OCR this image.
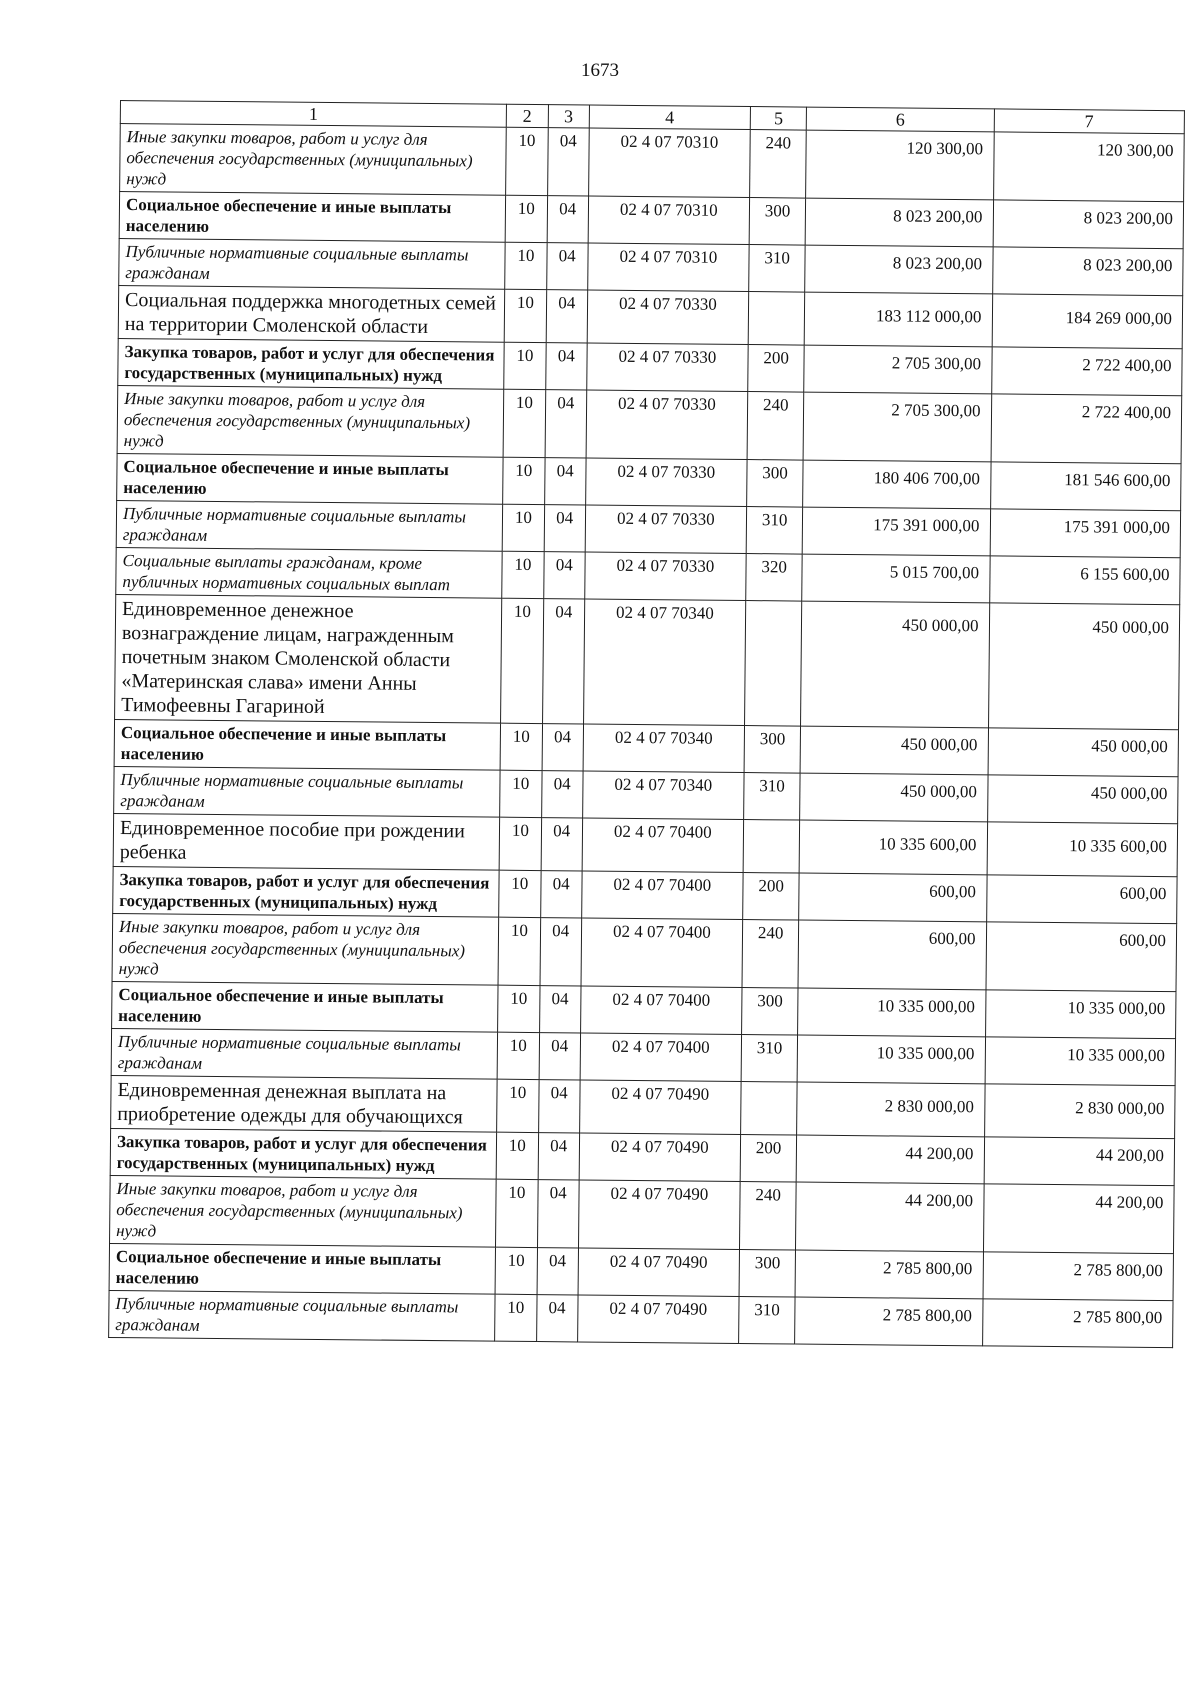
1673
1	2	3	4	5	6	7
Иные закупки товаров, работ и услуг для обеспечения государственных (муниципальных) нужд	10	04	02 4 07 70310	240	120 300,00	120 300,00
Социальное обеспечение и иные выплаты населению	10	04	02 4 07 70310	300	8 023 200,00	8 023 200,00
Публичные нормативные социальные выплаты гражданам	10	04	02 4 07 70310	310	8 023 200,00	8 023 200,00
Социальная поддержка многодетных семей на территории Смоленской области	10	04	02 4 07 70330		183 112 000,00	184 269 000,00
Закупка товаров, работ и услуг для обеспечения государственных (муниципальных) нужд	10	04	02 4 07 70330	200	2 705 300,00	2 722 400,00
Иные закупки товаров, работ и услуг для обеспечения государственных (муниципальных) нужд	10	04	02 4 07 70330	240	2 705 300,00	2 722 400,00
Социальное обеспечение и иные выплаты населению	10	04	02 4 07 70330	300	180 406 700,00	181 546 600,00
Публичные нормативные социальные выплаты гражданам	10	04	02 4 07 70330	310	175 391 000,00	175 391 000,00
Социальные выплаты гражданам, кроме публичных нормативных социальных выплат	10	04	02 4 07 70330	320	5 015 700,00	6 155 600,00
Единовременное денежное вознаграждение лицам, награжденным почетным знаком Смоленской области «Материнская слава» имени Анны Тимофеевны Гагариной	10	04	02 4 07 70340		450 000,00	450 000,00
Социальное обеспечение и иные выплаты населению	10	04	02 4 07 70340	300	450 000,00	450 000,00
Публичные нормативные социальные выплаты гражданам	10	04	02 4 07 70340	310	450 000,00	450 000,00
Единовременное пособие при рождении ребенка	10	04	02 4 07 70400		10 335 600,00	10 335 600,00
Закупка товаров, работ и услуг для обеспечения государственных (муниципальных) нужд	10	04	02 4 07 70400	200	600,00	600,00
Иные закупки товаров, работ и услуг для обеспечения государственных (муниципальных) нужд	10	04	02 4 07 70400	240	600,00	600,00
Социальное обеспечение и иные выплаты населению	10	04	02 4 07 70400	300	10 335 000,00	10 335 000,00
Публичные нормативные социальные выплаты гражданам	10	04	02 4 07 70400	310	10 335 000,00	10 335 000,00
Единовременная денежная выплата на приобретение одежды для обучающихся	10	04	02 4 07 70490		2 830 000,00	2 830 000,00
Закупка товаров, работ и услуг для обеспечения государственных (муниципальных) нужд	10	04	02 4 07 70490	200	44 200,00	44 200,00
Иные закупки товаров, работ и услуг для обеспечения государственных (муниципальных) нужд	10	04	02 4 07 70490	240	44 200,00	44 200,00
Социальное обеспечение и иные выплаты населению	10	04	02 4 07 70490	300	2 785 800,00	2 785 800,00
Публичные нормативные социальные выплаты гражданам	10	04	02 4 07 70490	310	2 785 800,00	2 785 800,00
